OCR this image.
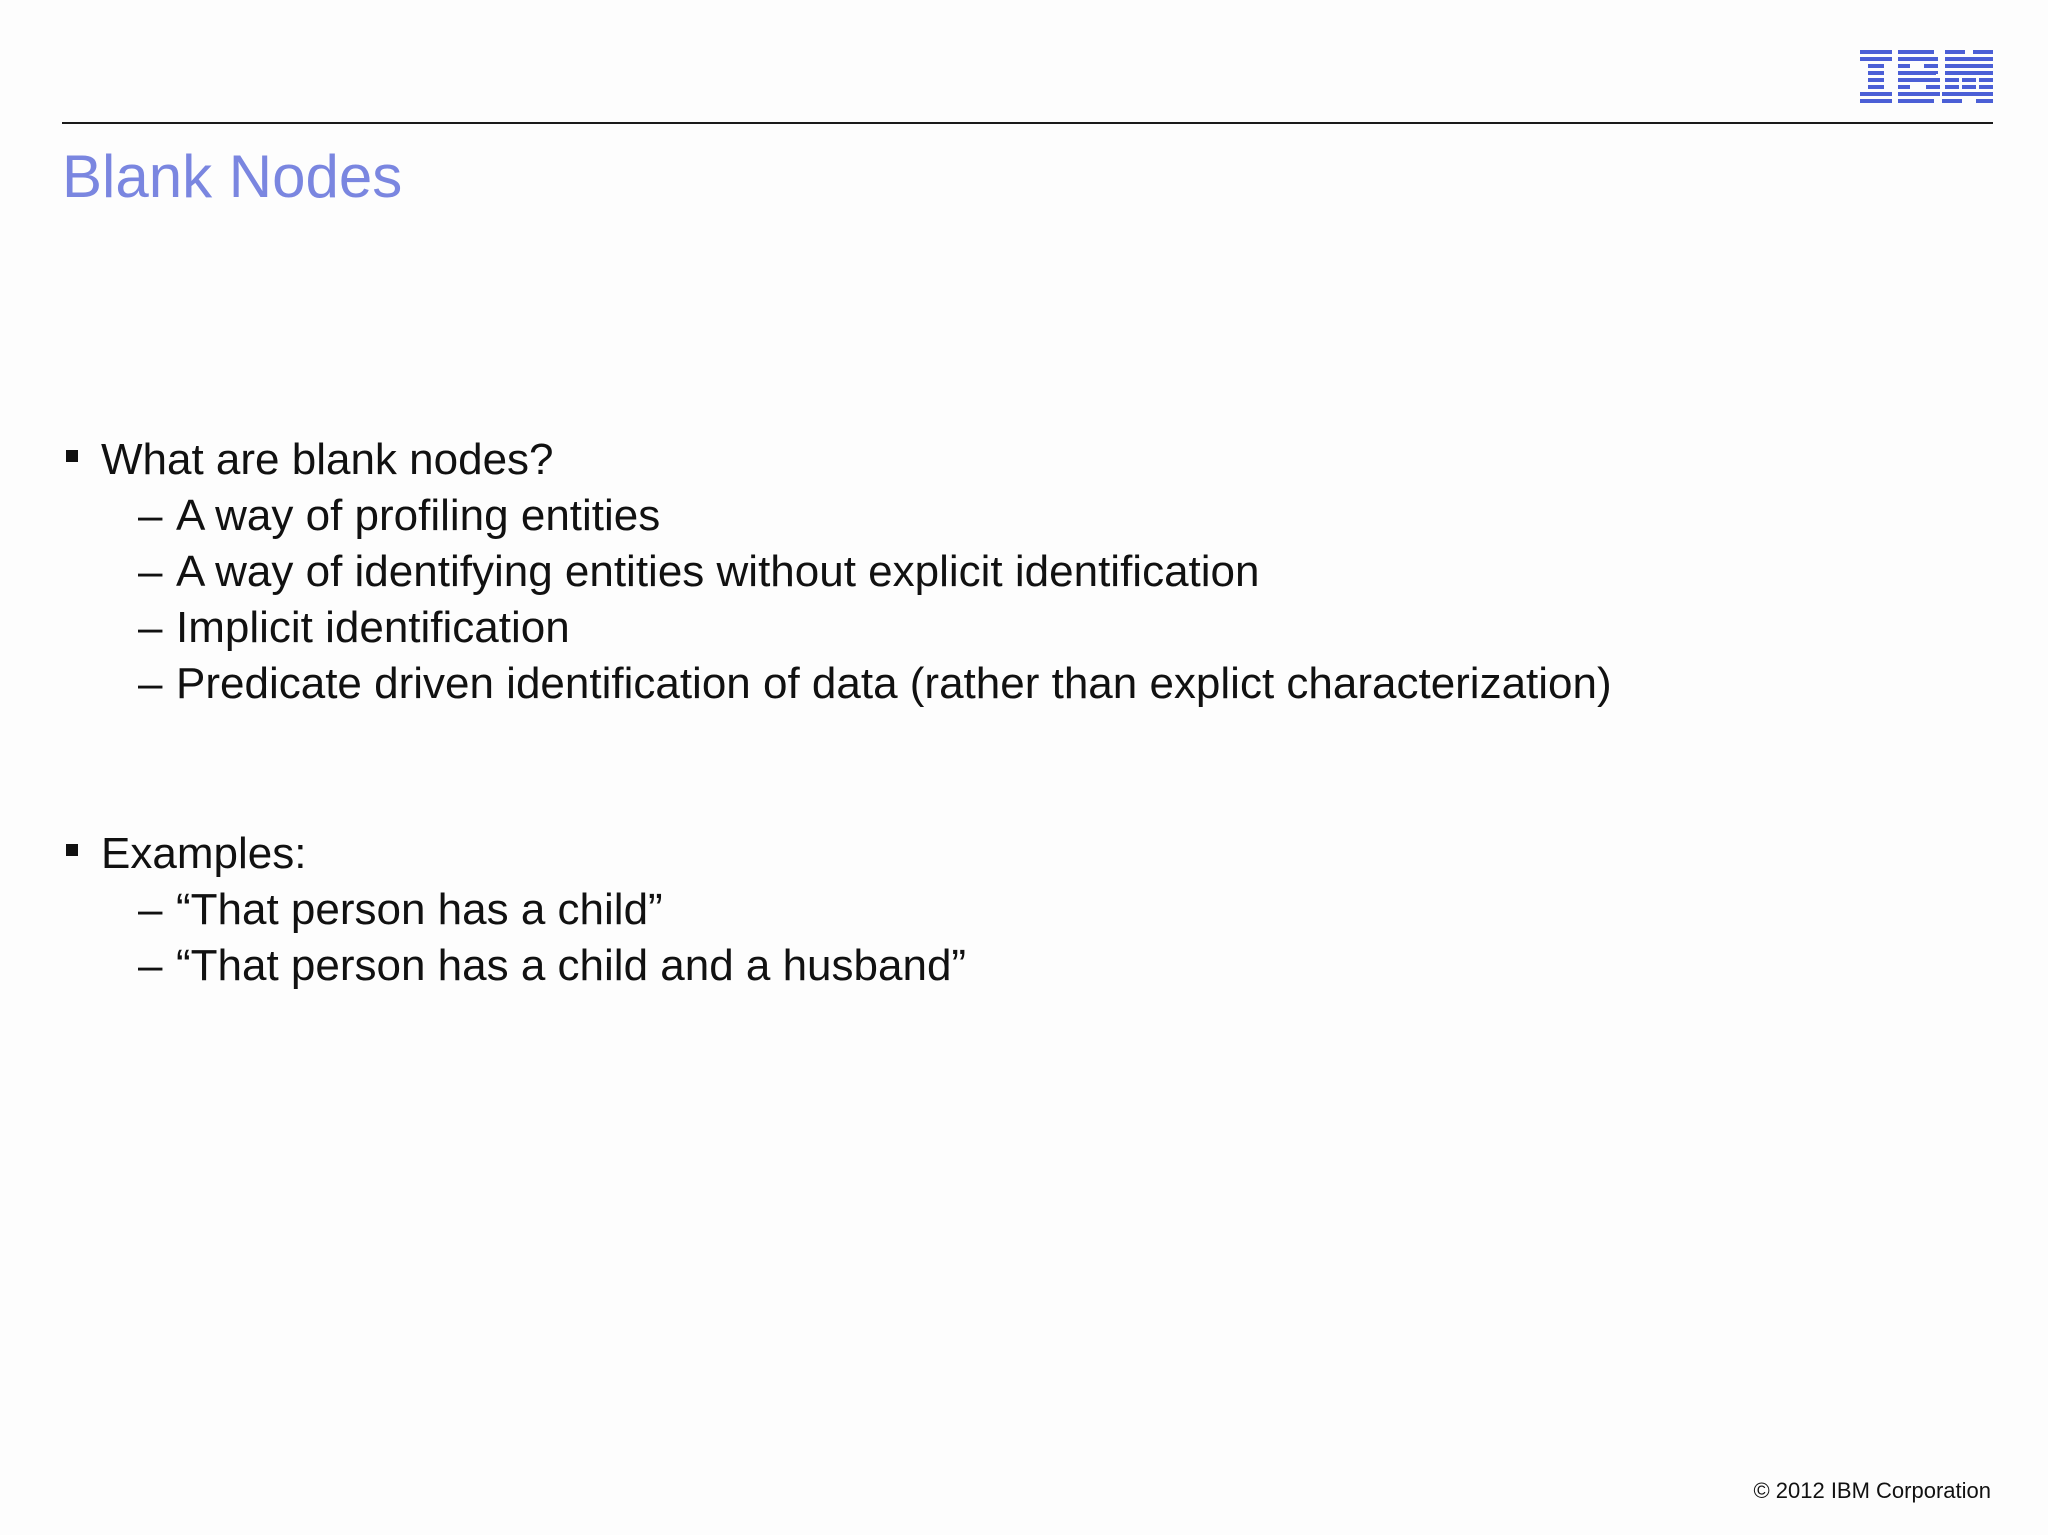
Blank Nodes
What are blank nodes?
– A way of profiling entities
– A way of identifying entities without explicit identification
– Implicit identification
– Predicate driven identification of data (rather than explict characterization)
Examples:
– “That person has a child”
– “That person has a child and a husband”
© 2012 IBM Corporation
